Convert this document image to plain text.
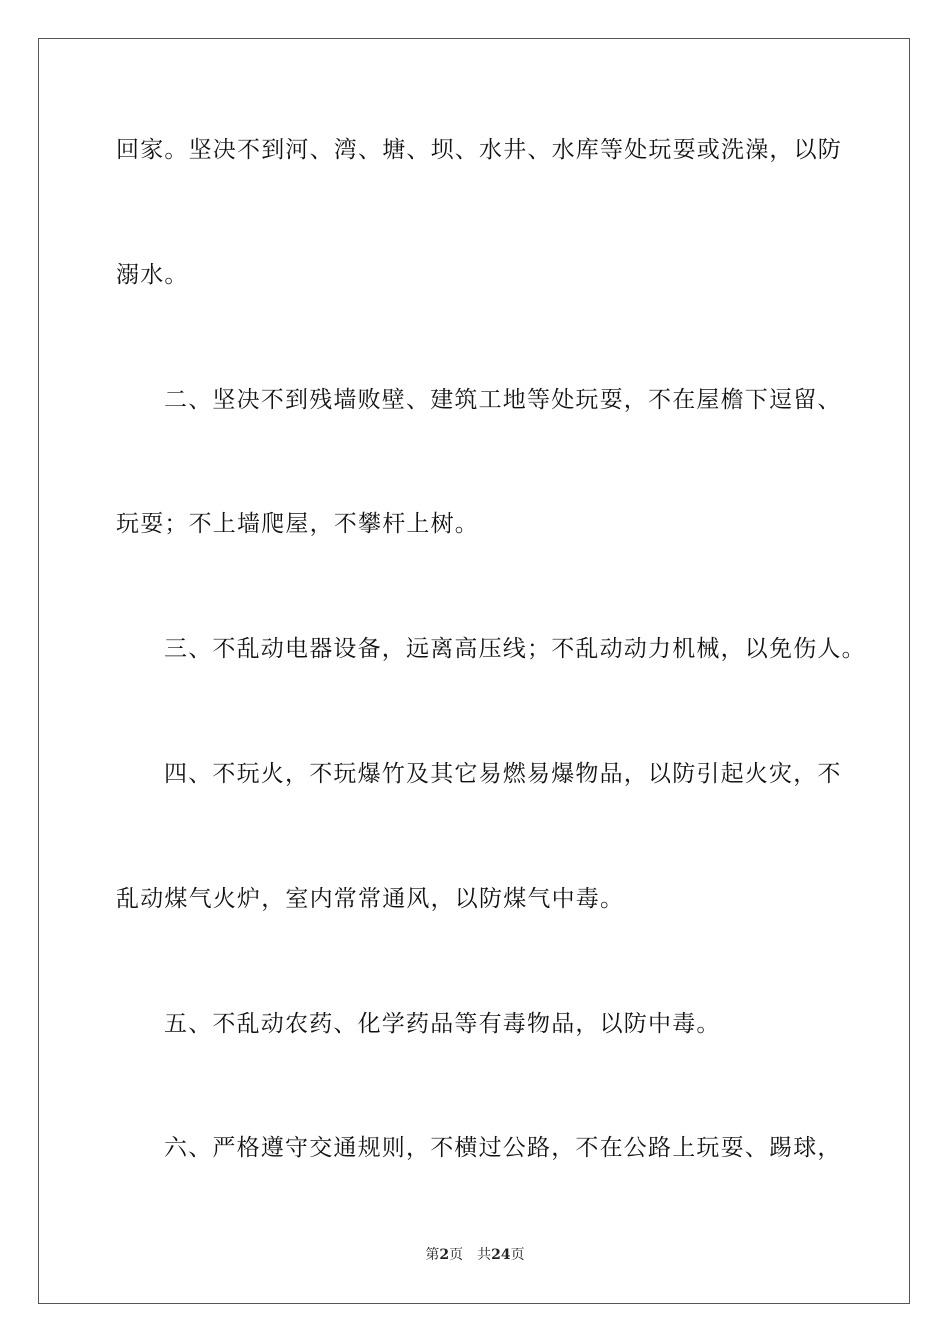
回家。坚决不到河、湾、塘、坝、水井、水库等处玩耍或洗澡，以防
溺水。
二、坚决不到残墙败壁、建筑工地等处玩耍，不在屋檐下逗留、
玩耍；不上墙爬屋，不攀杆上树。
三、不乱动电器设备，远离高压线；不乱动动力机械，以免伤人。
四、不玩火，不玩爆竹及其它易燃易爆物品，以防引起火灾，不
乱动煤气火炉，室内常常通风，以防煤气中毒。
五、不乱动农药、化学药品等有毒物品，以防中毒。
六、严格遵守交通规则，不横过公路，不在公路上玩耍、踢球，
第2页 共24页
